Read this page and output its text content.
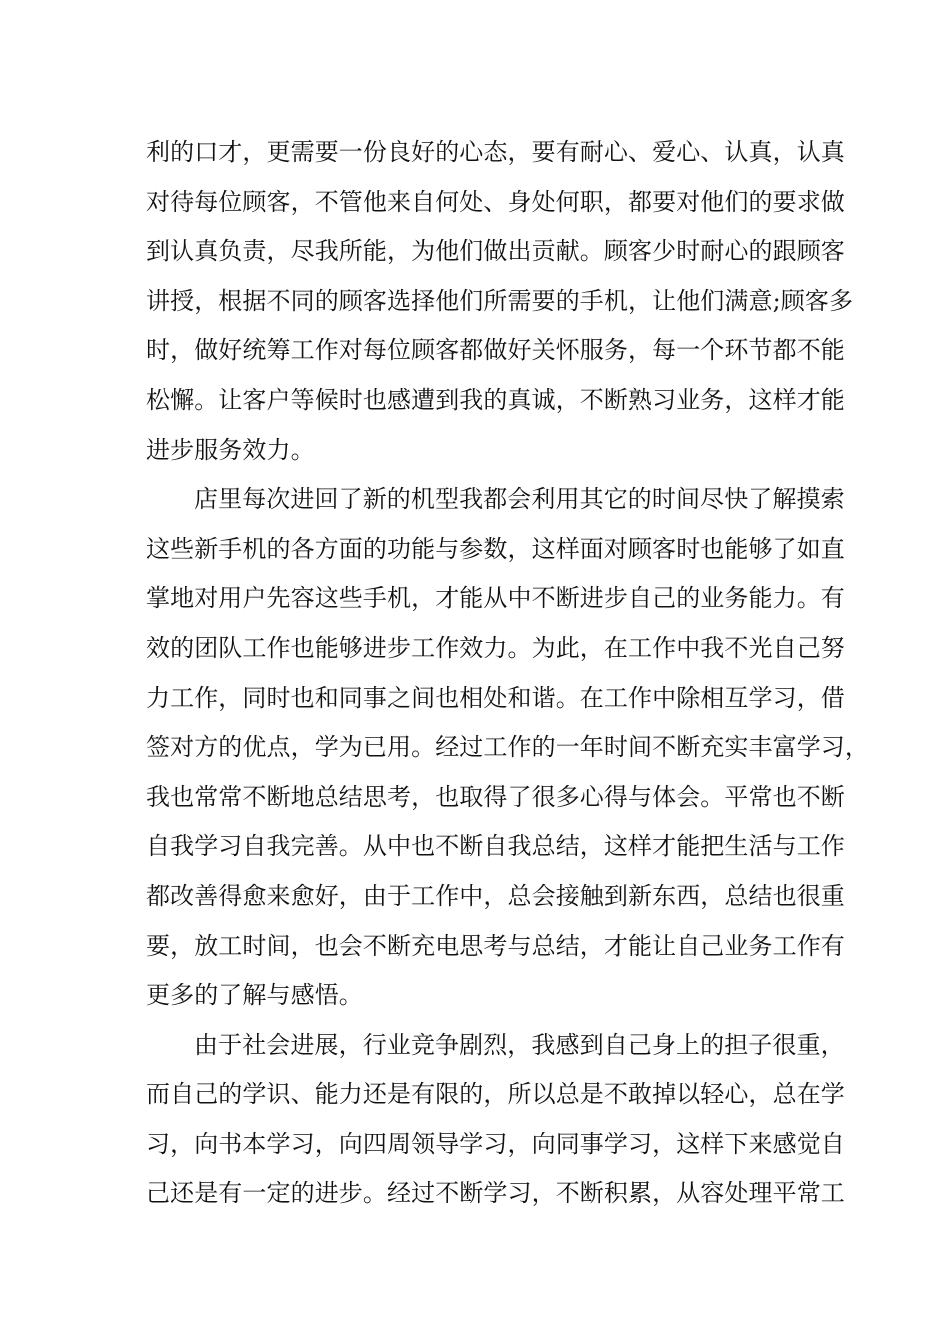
利的口才，更需要一份良好的心态，要有耐心、爱心、认真，认真
对待每位顾客，不管他来自何处、身处何职，都要对他们的要求做
到认真负责，尽我所能，为他们做出贡献。顾客少时耐心的跟顾客
讲授，根据不同的顾客选择他们所需要的手机，让他们满意;顾客多
时，做好统筹工作对每位顾客都做好关怀服务，每一个环节都不能
松懈。让客户等候时也感遭到我的真诚，不断熟习业务，这样才能
进步服务效力。
店里每次进回了新的机型我都会利用其它的时间尽快了解摸索
这些新手机的各方面的功能与参数，这样面对顾客时也能够了如直
掌地对用户先容这些手机，才能从中不断进步自己的业务能力。有
效的团队工作也能够进步工作效力。为此，在工作中我不光自己努
力工作，同时也和同事之间也相处和谐。在工作中除相互学习，借
签对方的优点，学为已用。经过工作的一年时间不断充实丰富学习，
我也常常不断地总结思考，也取得了很多心得与体会。平常也不断
自我学习自我完善。从中也不断自我总结，这样才能把生活与工作
都改善得愈来愈好，由于工作中，总会接触到新东西，总结也很重
要，放工时间，也会不断充电思考与总结，才能让自己业务工作有
更多的了解与感悟。
由于社会进展，行业竞争剧烈，我感到自己身上的担子很重，
而自己的学识、能力还是有限的，所以总是不敢掉以轻心，总在学
习，向书本学习，向四周领导学习，向同事学习，这样下来感觉自
己还是有一定的进步。经过不断学习，不断积累，从容处理平常工
